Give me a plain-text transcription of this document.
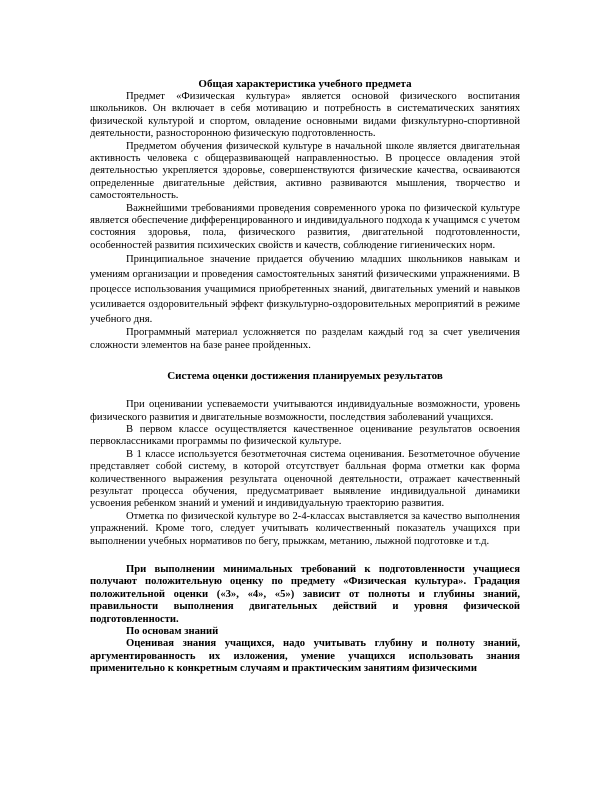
Общая характеристика учебного предмета

Предмет «Физическая культура» является основой физического воспитания школьников. Он включает в себя мотивацию и потребность в систематических занятиях физической культурой и спортом, овладение основными видами физкультурно-спортивной деятельности, разносторонною физическую подготовленность.

Предметом обучения физической культуре в начальной школе является двигательная активность человека с общеразвивающей направленностью. В процессе овладения этой деятельностью укрепляется здоровье, совершенствуются физические качества, осваиваются определенные двигательные действия, активно развиваются мышления, творчество и самостоятельность.

Важнейшими требованиями проведения современного урока по физической культуре является обеспечение дифференцированного и индивидуального подхода к учащимся с учетом состояния здоровья, пола, физического развития, двигательной подготовленности, особенностей развития психических свойств и качеств, соблюдение гигиенических норм.

Принципиальное значение придается обучению младших школьников навыкам и умениям организации и проведения самостоятельных занятий физическими упражнениями. В процессе использования учащимися приобретенных знаний, двигательных умений и навыков усиливается оздоровительный эффект физкультурно-оздоровительных мероприятий в режиме учебного дня.

Программный материал усложняется по разделам каждый год за счет увеличения сложности элементов на базе ранее пройденных.

Система оценки достижения планируемых результатов

При оценивании успеваемости учитываются индивидуальные возможности, уровень физического развития и двигательные возможности, последствия заболеваний учащихся.

В первом классе осуществляется качественное оценивание результатов освоения первоклассниками программы по физической культуре.

В 1 классе используется безотметочная система оценивания. Безотметочное обучение представляет собой систему, в которой отсутствует балльная форма отметки как форма количественного выражения результата оценочной деятельности, отражает качественный результат процесса обучения, предусматривает выявление индивидуальной динамики усвоения ребенком знаний и умений и индивидуальную траекторию развития.

Отметка по физической культуре во 2-4-классах выставляется за качество выполнения упражнений. Кроме того, следует учитывать количественный показатель учащихся при выполнении учебных нормативов по бегу, прыжкам, метанию, лыжной подготовке и т.д.

При выполнении минимальных требований к подготовленности учащиеся получают положительную оценку по предмету «Физическая культура». Градация положительной оценки («3», «4», «5») зависит от полноты и глубины знаний, правильности выполнения двигательных действий и уровня физической подготовленности.

По основам знаний

Оценивая знания учащихся, надо учитывать глубину и полноту знаний, аргументированность их изложения, умение учащихся использовать знания применительно к конкретным случаям и практическим занятиям физическими
